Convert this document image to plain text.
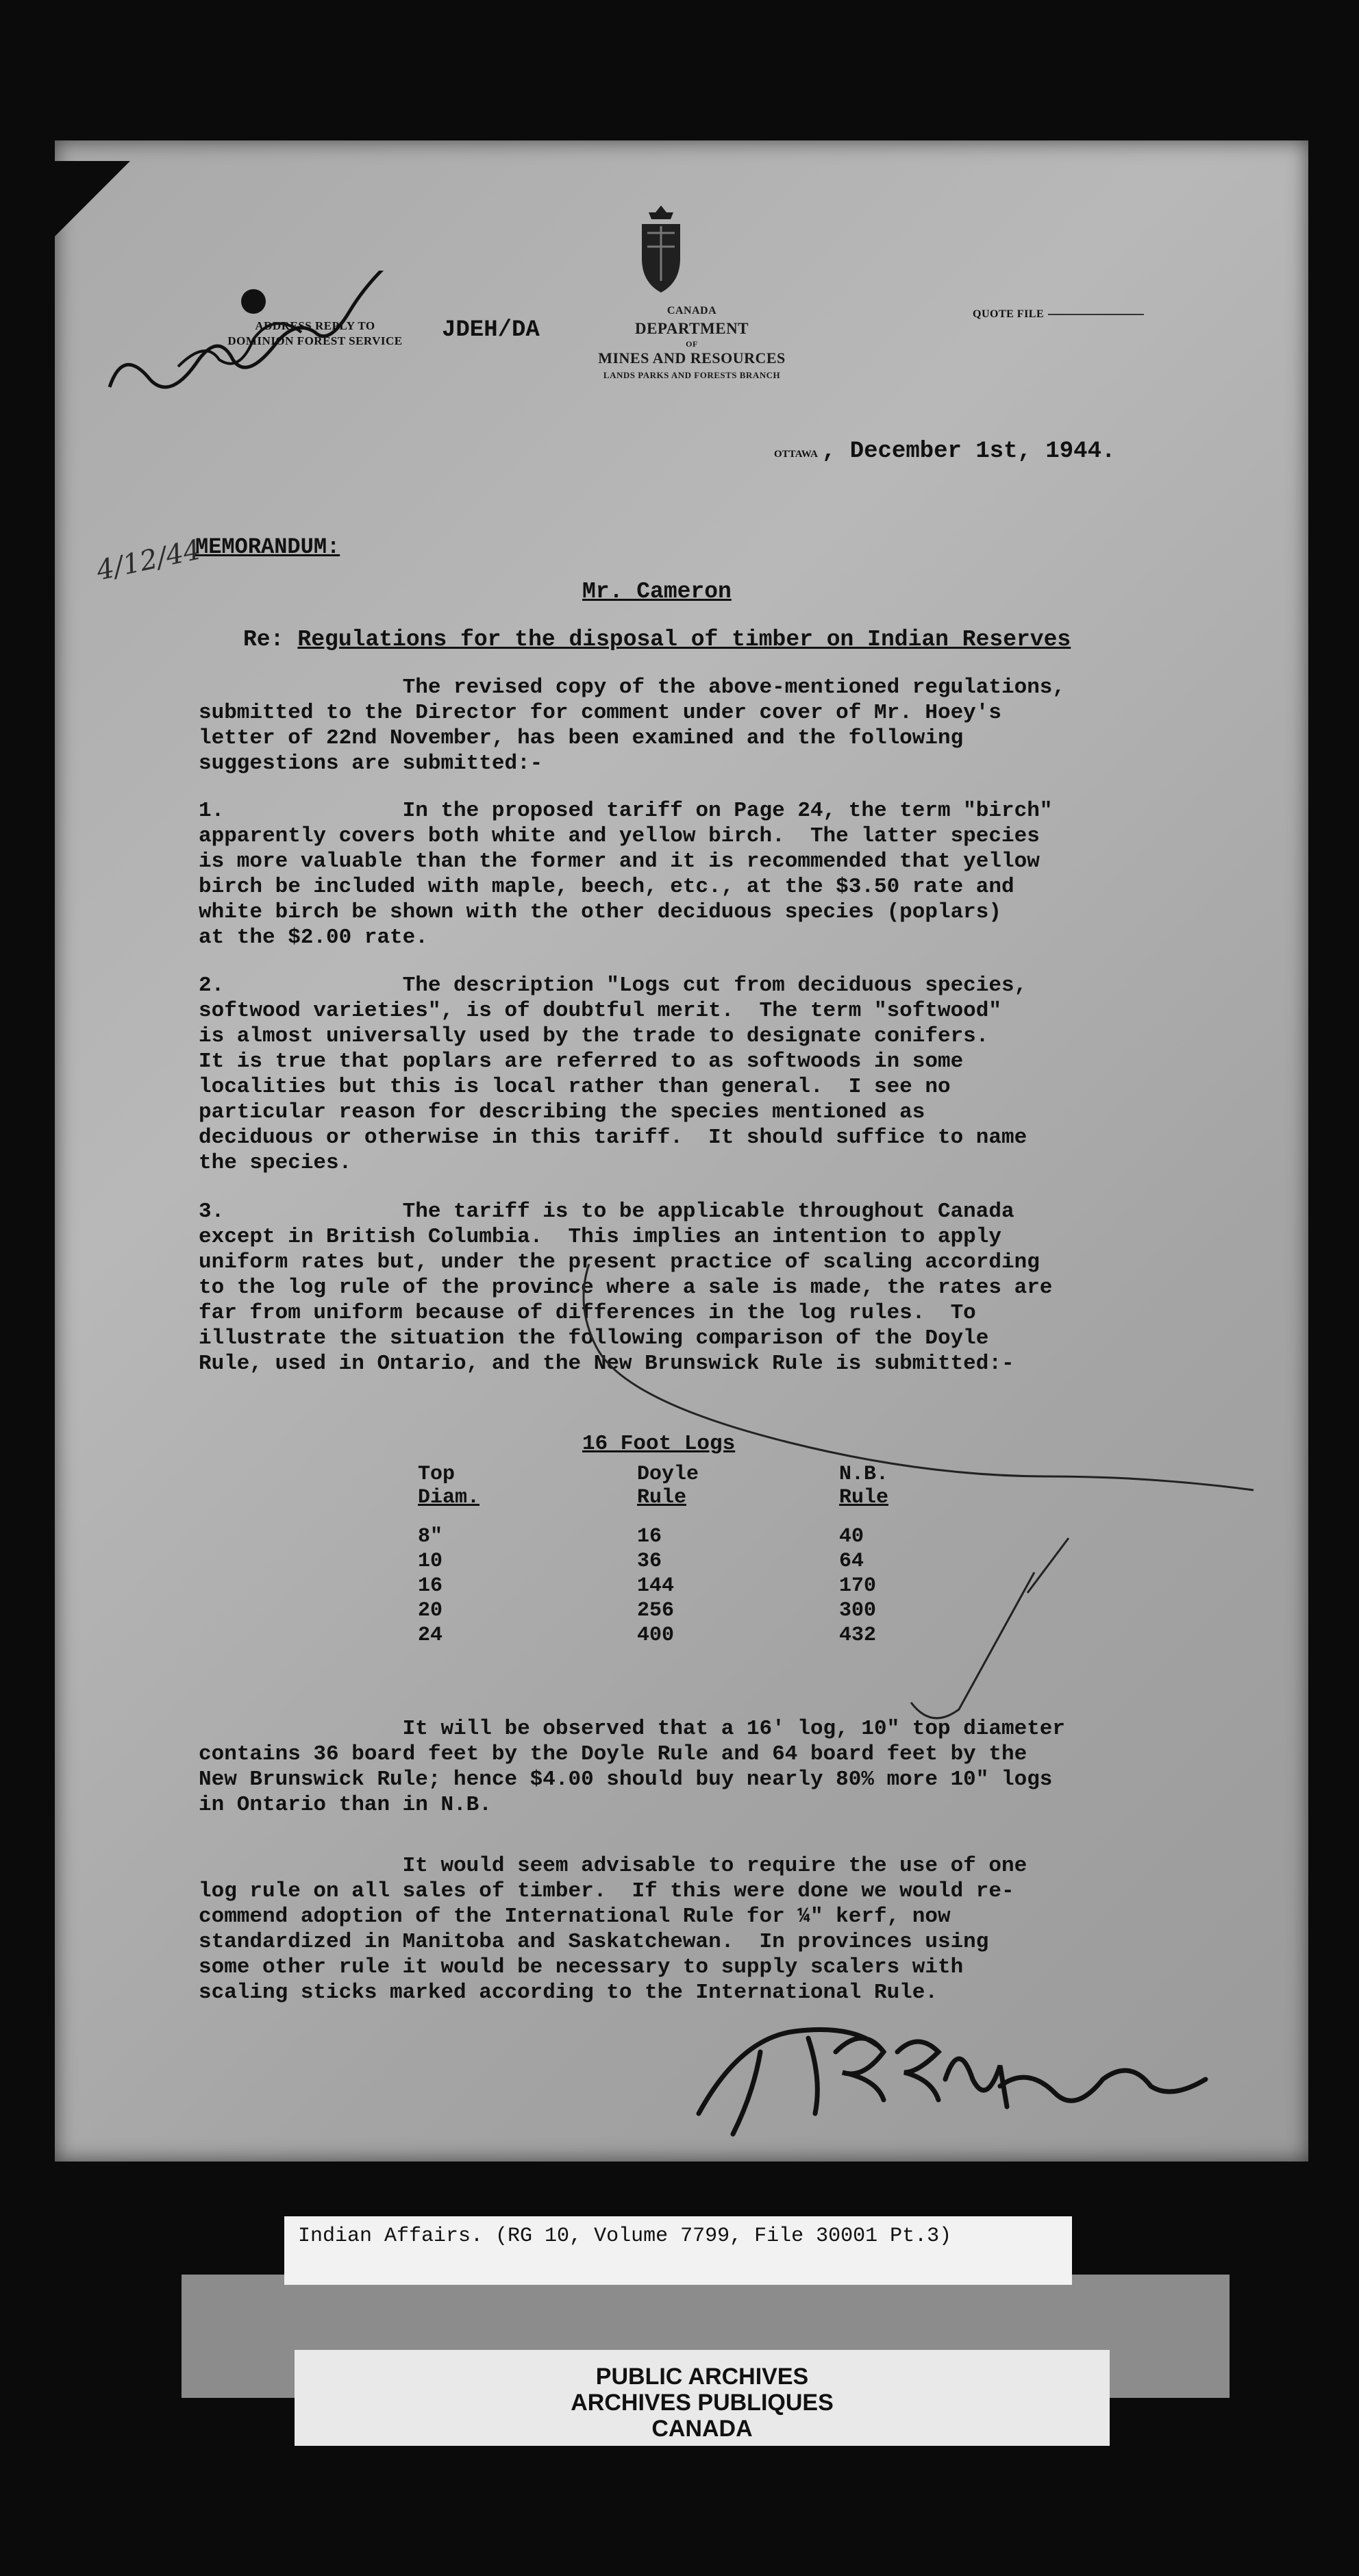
ADDRESS REPLY TO
DOMINION FOREST SERVICE	JDEH/DA
CANADA
DEPARTMENT
OF
MINES AND RESOURCES
LANDS PARKS AND FORESTS BRANCH
QUOTE FILE
OTTAWA , December 1st, 1944.
4/12/44
MEMORANDUM:
Mr. Cameron
Re: Regulations for the disposal of timber on Indian Reserves
The revised copy of the above-mentioned regulations,
submitted to the Director for comment under cover of Mr. Hoey's
letter of 22nd November, has been examined and the following
suggestions are submitted:-
1.              In the proposed tariff on Page 24, the term "birch"
apparently covers both white and yellow birch.  The latter species
is more valuable than the former and it is recommended that yellow
birch be included with maple, beech, etc., at the $3.50 rate and
white birch be shown with the other deciduous species (poplars)
at the $2.00 rate.
2.              The description "Logs cut from deciduous species,
softwood varieties", is of doubtful merit.  The term "softwood"
is almost universally used by the trade to designate conifers.
It is true that poplars are referred to as softwoods in some
localities but this is local rather than general.  I see no
particular reason for describing the species mentioned as
deciduous or otherwise in this tariff.  It should suffice to name
the species.
3.              The tariff is to be applicable throughout Canada
except in British Columbia.  This implies an intention to apply
uniform rates but, under the present practice of scaling according
to the log rule of the province where a sale is made, the rates are
far from uniform because of differences in the log rules.  To
illustrate the situation the following comparison of the Doyle
Rule, used in Ontario, and the New Brunswick Rule is submitted:-
16 Foot Logs
Top
Diam.
8"
10
16
20
24
Doyle
Rule
16
36
144
256
400
N.B.
Rule
40
64
170
300
432
It will be observed that a 16' log, 10" top diameter
contains 36 board feet by the Doyle Rule and 64 board feet by the
New Brunswick Rule; hence $4.00 should buy nearly 80% more 10" logs
in Ontario than in N.B.
It would seem advisable to require the use of one
log rule on all sales of timber.  If this were done we would re-
commend adoption of the International Rule for ¼" kerf, now
standardized in Manitoba and Saskatchewan.  In provinces using
some other rule it would be necessary to supply scalers with
scaling sticks marked according to the International Rule.
Indian Affairs. (RG 10, Volume 7799, File 30001 Pt.3)
PUBLIC ARCHIVES
ARCHIVES PUBLIQUES
CANADA
